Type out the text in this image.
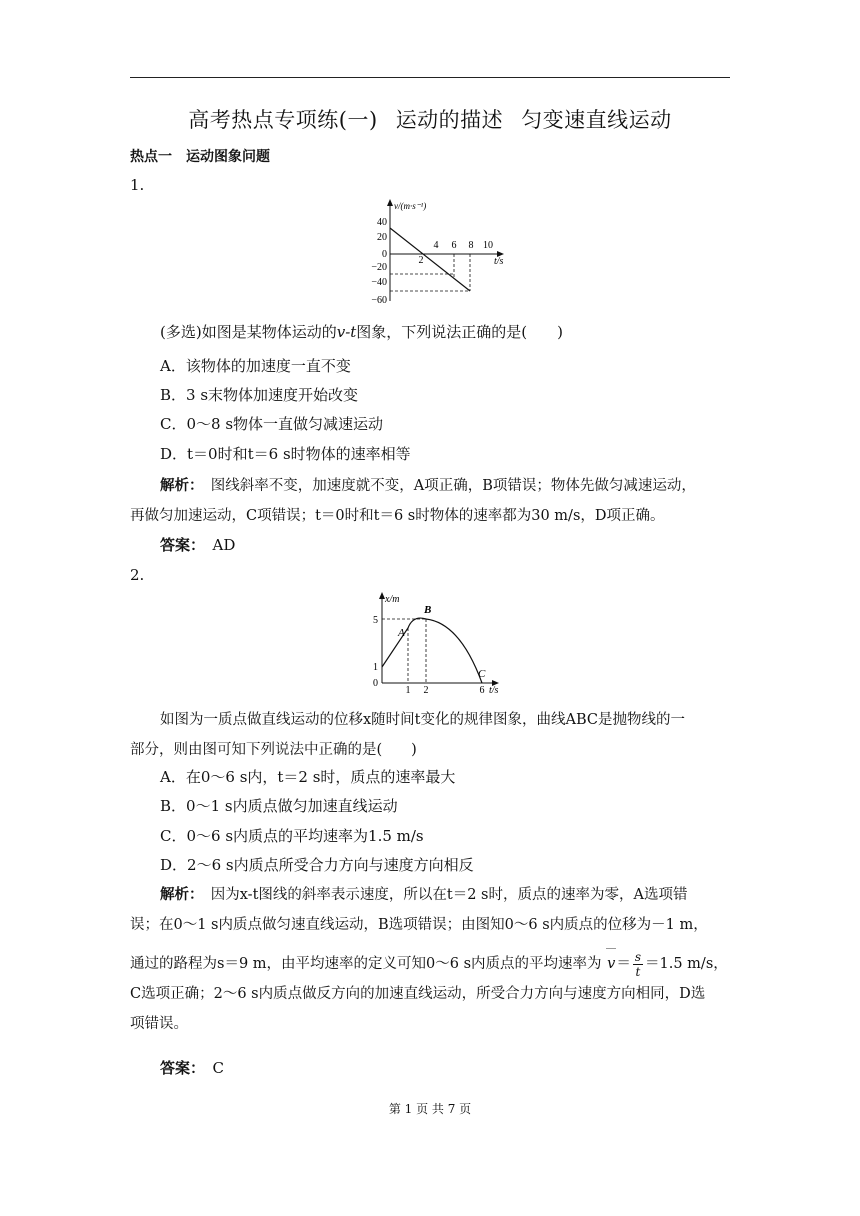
高考热点专项练(一) 运动的描述 匀变速直线运动
热点一　运动图象问题
1.
v/(m·s⁻¹)
40
20
0
−20
−40
−60
2
4 6 8 10
t/s
(多选)如图是某物体运动的v-t图象，下列说法正确的是(　　)
A．该物体的加速度一直不变
B．3 s末物体加速度开始改变
C．0～8 s物体一直做匀减速运动
D．t＝0时和t＝6 s时物体的速率相等
解析：　 图线斜率不变，加速度就不变，A项正确，B项错误；物体先做匀减速运动，
再做匀加速运动，C项错误；t＝0时和t＝6 s时物体的速率都为30 m/s，D项正确。
答案：　 AD
2.
x/m
5
1
0
1 2	6 t/s
A
B
C
如图为一质点做直线运动的位移x随时间t变化的规律图象，曲线ABC是抛物线的一
部分，则由图可知下列说法中正确的是(　　)
A．在0～6 s内，t＝2 s时，质点的速率最大
B．0～1 s内质点做匀加速直线运动
C．0～6 s内质点的平均速率为1.5 m/s
D．2～6 s内质点所受合力方向与速度方向相反
解析：　 因为x-t图线的斜率表示速度，所以在t＝2 s时，质点的速率为零，A选项错
误；在0～1 s内质点做匀速直线运动，B选项错误；由图知0～6 s内质点的位移为－1 m，
通过的路程为s＝9 m，由平均速率的定义可知0～6 s内质点的平均速率为 $v= \frac{s}{t} =1.5$ m/s，
C选项正确；2～6 s内质点做反方向的加速直线运动，所受合力方向与速度方向相同，D选
项错误。
答案：　 C
第 1 页 共 7 页
